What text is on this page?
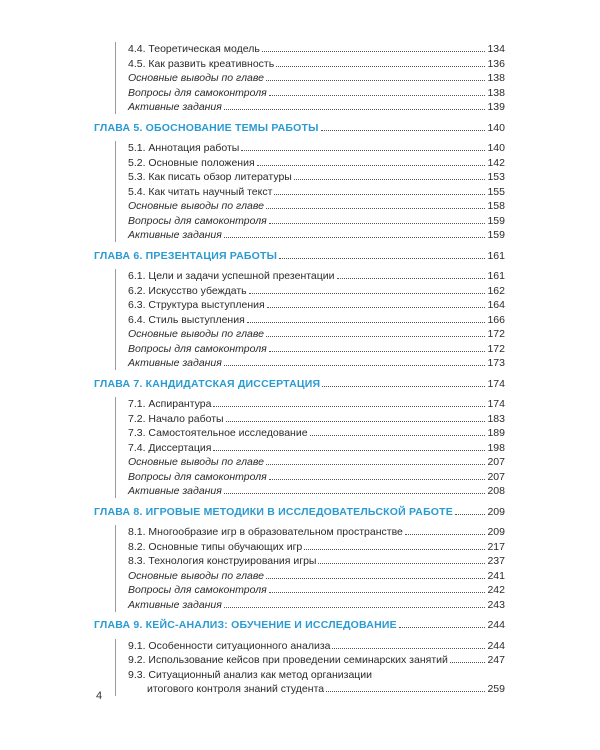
4.4. Теоретическая модель	134
4.5. Как развить креативность	136
Основные выводы по главе	138
Вопросы для самоконтроля	138
Активные задания	139
ГЛАВА 5. ОБОСНОВАНИЕ ТЕМЫ РАБОТЫ	140
5.1. Аннотация работы	140
5.2. Основные положения	142
5.3. Как писать обзор литературы	153
5.4. Как читать научный текст	155
Основные выводы по главе	158
Вопросы для самоконтроля	159
Активные задания	159
ГЛАВА 6. ПРЕЗЕНТАЦИЯ РАБОТЫ	161
6.1. Цели и задачи успешной презентации	161
6.2. Искусство убеждать	162
6.3. Структура выступления	164
6.4. Стиль выступления	166
Основные выводы по главе	172
Вопросы для самоконтроля	172
Активные задания	173
ГЛАВА 7. КАНДИДАТСКАЯ ДИССЕРТАЦИЯ	174
7.1. Аспирантура	174
7.2. Начало работы	183
7.3. Самостоятельное исследование	189
7.4. Диссертация	198
Основные выводы по главе	207
Вопросы для самоконтроля	207
Активные задания	208
ГЛАВА 8. ИГРОВЫЕ МЕТОДИКИ В ИССЛЕДОВАТЕЛЬСКОЙ РАБОТЕ	209
8.1. Многообразие игр в образовательном пространстве	209
8.2. Основные типы обучающих игр	217
8.3. Технология конструирования игры	237
Основные выводы по главе	241
Вопросы для самоконтроля	242
Активные задания	243
ГЛАВА 9. КЕЙС-АНАЛИЗ: ОБУЧЕНИЕ И ИССЛЕДОВАНИЕ	244
9.1. Особенности ситуационного анализа	244
9.2. Использование кейсов при проведении семинарских занятий	247
9.3. Ситуационный анализ как метод организации
итогового контроля знаний студента	259
4
